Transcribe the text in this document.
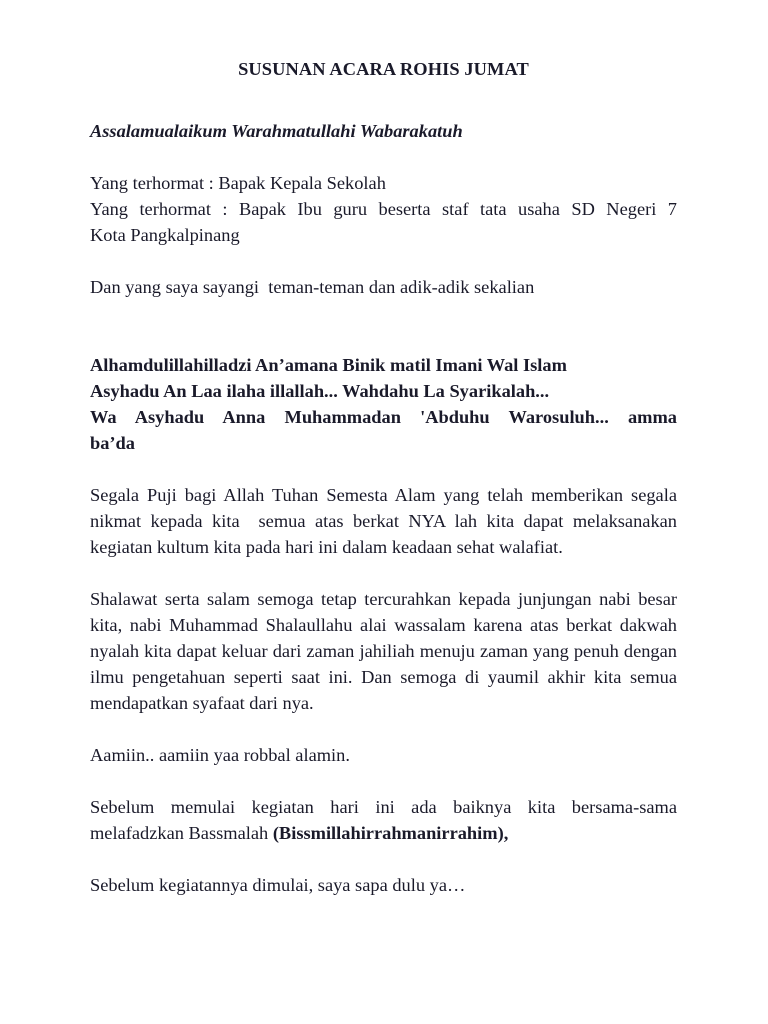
SUSUNAN ACARA ROHIS JUMAT
Assalamualaikum Warahmatullahi Wabarakatuh

Yang terhormat : Bapak Kepala Sekolah
Yang terhormat : Bapak Ibu guru beserta staf tata usaha SD Negeri 7
Kota Pangkalpinang

Dan yang saya sayangi  teman-teman dan adik-adik sekalian

Alhamdulillahilladzi An’amana Binik matil Imani Wal Islam
Asyhadu An Laa ilaha illallah... Wahdahu La Syarikalah...
Wa Asyhadu Anna Muhammadan 'Abduhu Warosuluh... amma
ba’da

Segala Puji bagi Allah Tuhan Semesta Alam yang telah memberikan segala nikmat kepada kita  semua atas berkat NYA lah kita dapat melaksanakan kegiatan kultum kita pada hari ini dalam keadaan sehat walafiat.

Shalawat serta salam semoga tetap tercurahkan kepada junjungan nabi besar kita, nabi Muhammad Shalaullahu alai wassalam karena atas berkat dakwah nyalah kita dapat keluar dari zaman jahiliah menuju zaman yang penuh dengan ilmu pengetahuan seperti saat ini. Dan semoga di yaumil akhir kita semua mendapatkan syafaat dari nya.

Aamiin.. aamiin yaa robbal alamin.

Sebelum memulai kegiatan hari ini ada baiknya kita bersama-sama melafadzkan Bassmalah (Bissmillahirrahmanirrahim),

Sebelum kegiatannya dimulai, saya sapa dulu ya…
